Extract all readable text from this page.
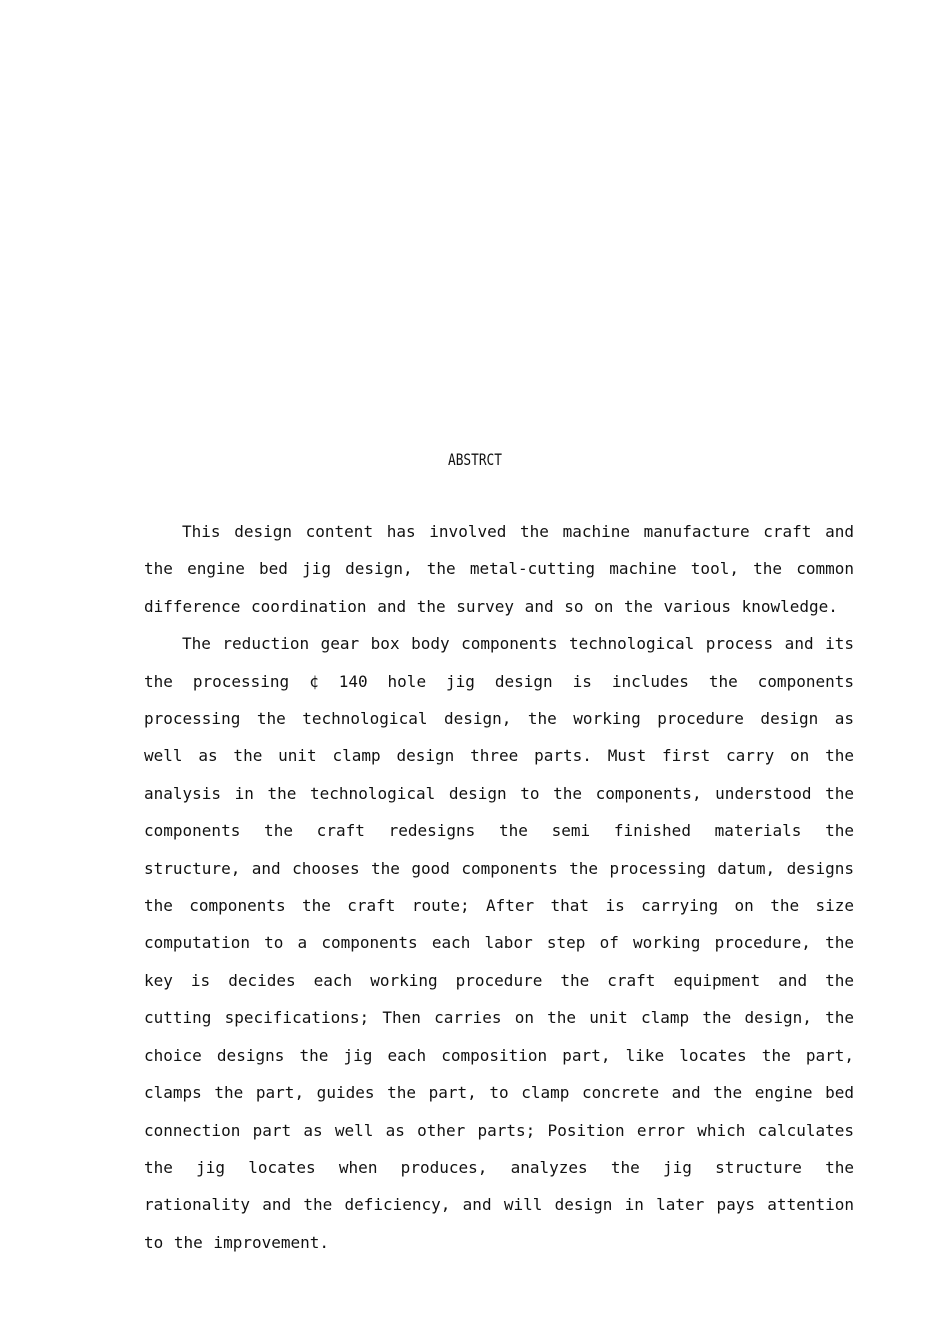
ABSTRCT

This design content has involved the machine manufacture craft and the engine bed jig design, the metal-cutting machine tool, the common difference coordination and the survey and so on the various knowledge.

The reduction gear box body components technological process and its the processing ¢ 140 hole jig design is includes the components processing the technological design, the working procedure design as well as the unit clamp design three parts. Must first carry on the analysis in the technological design to the components, understood the components the craft redesigns the semi finished materials the structure, and chooses the good components the processing datum, designs the components the craft route; After that is carrying on the size computation to a components each labor step of working procedure, the key is decides each working procedure the craft equipment and the cutting specifications; Then carries on the unit clamp the design, the choice designs the jig each composition part, like locates the part, clamps the part, guides the part, to clamp concrete and the engine bed connection part as well as other parts; Position error which calculates the jig locates when produces, analyzes the jig structure the rationality and the deficiency, and will design in later pays attention to the improvement.
